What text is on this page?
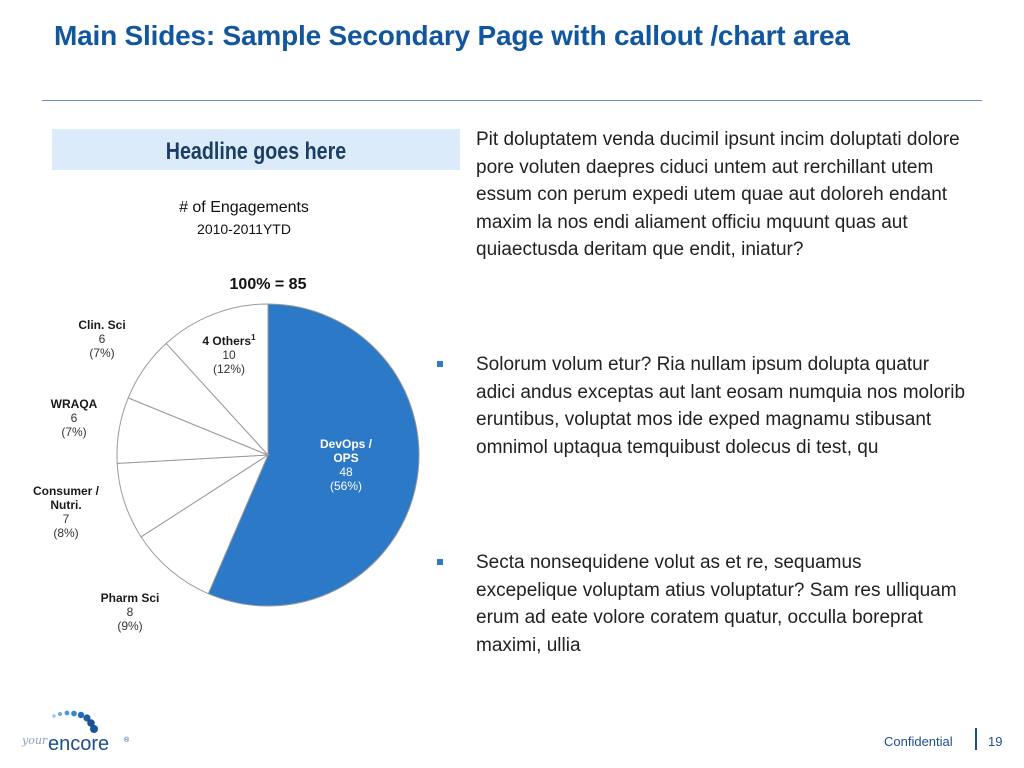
Main Slides: Sample Secondary Page with callout /chart area
Headline goes here
# of Engagements
2010-2011YTD
100% = 85
DevOps / OPS 48 (56%)
Pharm Sci 8 (9%)
Consumer / Nutri. 7 (8%)
WRAQA 6 (7%)
Clin. Sci 6 (7%)
4 Others$^1$ 10 (12%)
Pit doluptatem venda ducimil ipsunt incim doluptati dolore pore voluten daepres ciduci untem aut rerchillant utem essum con perum expedi utem quae aut doloreh endant maxim la nos endi aliament officiu mquunt quas aut quiaectusda deritam que endit, iniatur?
Solorum volum etur? Ria nullam ipsum dolupta quatur adici andus exceptas aut lant eosam numquia nos molorib eruntibus, voluptat mos ide exped magnamu stibusant omnimol uptaqua temquibust dolecus di test, qu
Secta nonsequidene volut as et re, sequamus excepelique voluptam atius voluptatur? Sam res ulliquam erum ad eate volore coratem quatur, occulla boreprat maximi, ullia
your encore ®	Confidential	19
